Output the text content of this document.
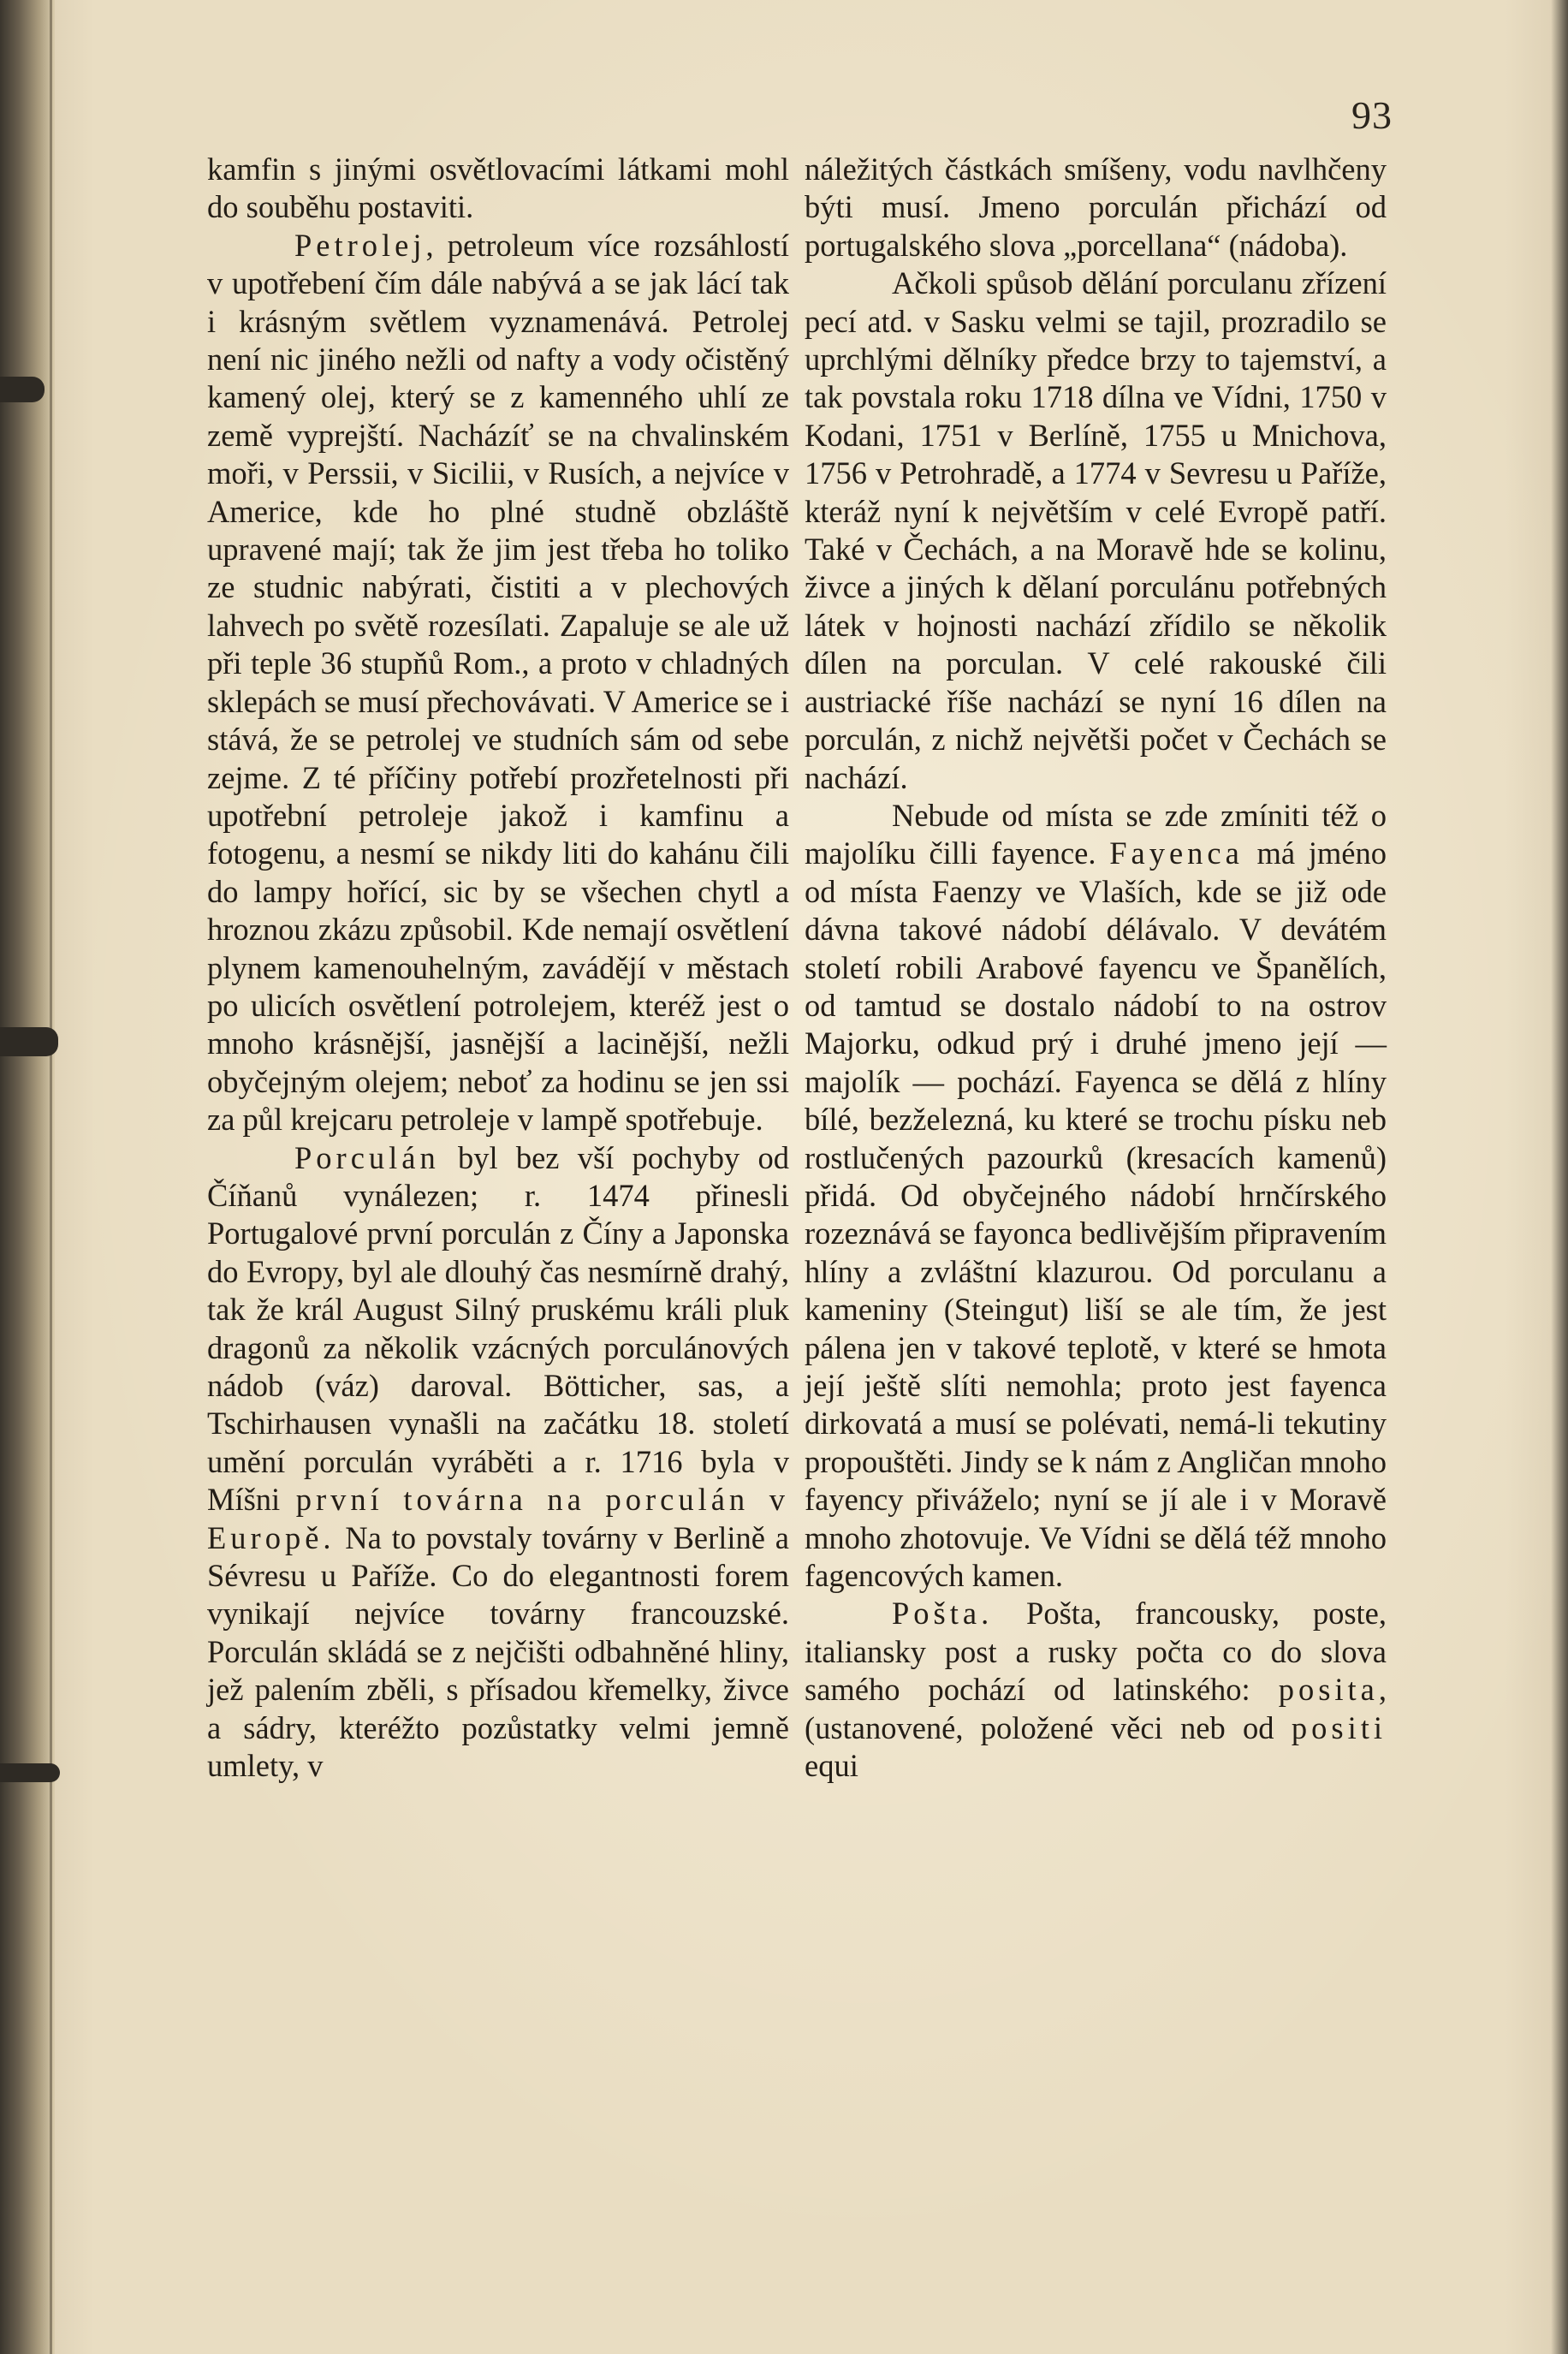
93

kamfin s jinými osvětlovacími látkami mohl do souběhu postaviti.

Petrolej, petroleum více rozsáhlostí v upotřebení čím dále nabývá a se jak lácí tak i krásným světlem vyznamenává. Petrolej není nic jiného nežli od nafty a vody očistěný kamený olej, který se z kamenného uhlí ze země vyprejští. Nacházíť se na chvalinském moři, v Perssii, v Sicilii, v Rusích, a nejvíce v Americe, kde ho plné studně obzláště upravené mají; tak že jim jest třeba ho toliko ze studnic nabýrati, čistiti a v plechových lahvech po světě rozesílati. Zapaluje se ale už při teple 36 stupňů Rom., a proto v chladných sklepách se musí přechovávati. V Americe se i stává, že se petrolej ve studních sám od sebe zejme. Z té příčiny potřebí prozřetelnosti při upotřební petroleje jakož i kamfinu a fotogenu, a nesmí se nikdy liti do kahánu čili do lampy hořící, sic by se všechen chytl a hroznou zkázu způsobil. Kde nemají osvětlení plynem kamenouhelným, zavádějí v městach po ulicích osvětlení potrolejem, kteréž jest o mnoho krásnější, jasnější a lacinější, nežli obyčejným olejem; neboť za hodinu se jen ssi za půl krejcaru petroleje v lampě spotřebuje.

Porculán byl bez vší pochyby od Číňanů vynálezen; r. 1474 přinesli Portugalové první porculán z Číny a Japonska do Evropy, byl ale dlouhý čas nesmírně drahý, tak že král August Silný pruskému králi pluk dragonů za několik vzácných porculánových nádob (váz) daroval. Bötticher, sas, a Tschirhausen vynašli na začátku 18. století umění porculán vyráběti a r. 1716 byla v Míšni první továrna na porculán v Europě. Na to povstaly továrny v Berlině a Sévresu u Paříže. Co do elegantnosti forem vynikají nejvíce továrny francouzské. Porculán skládá se z nejčišti odbahněné hliny, jež palením zběli, s přísadou křemelky, živce a sádry, kteréžto pozůstatky velmi jemně umlety, v

náležitých částkách smíšeny, vodu navlhčeny býti musí. Jmeno porculán přichází od portugalského slova „porcellana“ (nádoba).

Ačkoli spůsob dělání porculanu zřízení pecí atd. v Sasku velmi se tajil, prozradilo se uprchlými dělníky předce brzy to tajemství, a tak povstala roku 1718 dílna ve Vídni, 1750 v Kodani, 1751 v Berlíně, 1755 u Mnichova, 1756 v Petrohradě, a 1774 v Sevresu u Paříže, kteráž nyní k největším v celé Evropě patří. Také v Čechách, a na Moravě hde se kolinu, živce a jiných k dělaní porculánu potřebných látek v hojnosti nachází zřídilo se několik dílen na porculan. V celé rakouské čili austriacké říše nachází se nyní 16 dílen na porculán, z nichž největši počet v Čechách se nachází.

Nebude od místa se zde zmíniti též o majolíku čilli fayence. Fayenca má jméno od místa Faenzy ve Vlaších, kde se již ode dávna takové nádobí délávalo. V devátém století robili Arabové fayencu ve Španělích, od tamtud se dostalo nádobí to na ostrov Majorku, odkud prý i druhé jmeno její — majolík — pochází. Fayenca se dělá z hlíny bílé, bezželezná, ku které se trochu písku neb rostlučených pazourků (kresacích kamenů) přidá. Od obyčejného nádobí hrnčírského rozeznává se fayonca bedlivějším připravením hlíny a zvláštní klazurou. Od porculanu a kameniny (Steingut) liší se ale tím, že jest pálena jen v takové teplotě, v které se hmota její ještě slíti nemohla; proto jest fayenca dirkovatá a musí se polévati, nemá-li tekutiny propouštěti. Jindy se k nám z Angličan mnoho fayency přiváželo; nyní se jí ale i v Moravě mnoho zhotovuje. Ve Vídni se dělá též mnoho fagencových kamen.

Pošta. Pošta, francousky, poste, italiansky post a rusky počta co do slova samého pochází od latinského: posita, (ustanovené, položené věci neb od positi equi
